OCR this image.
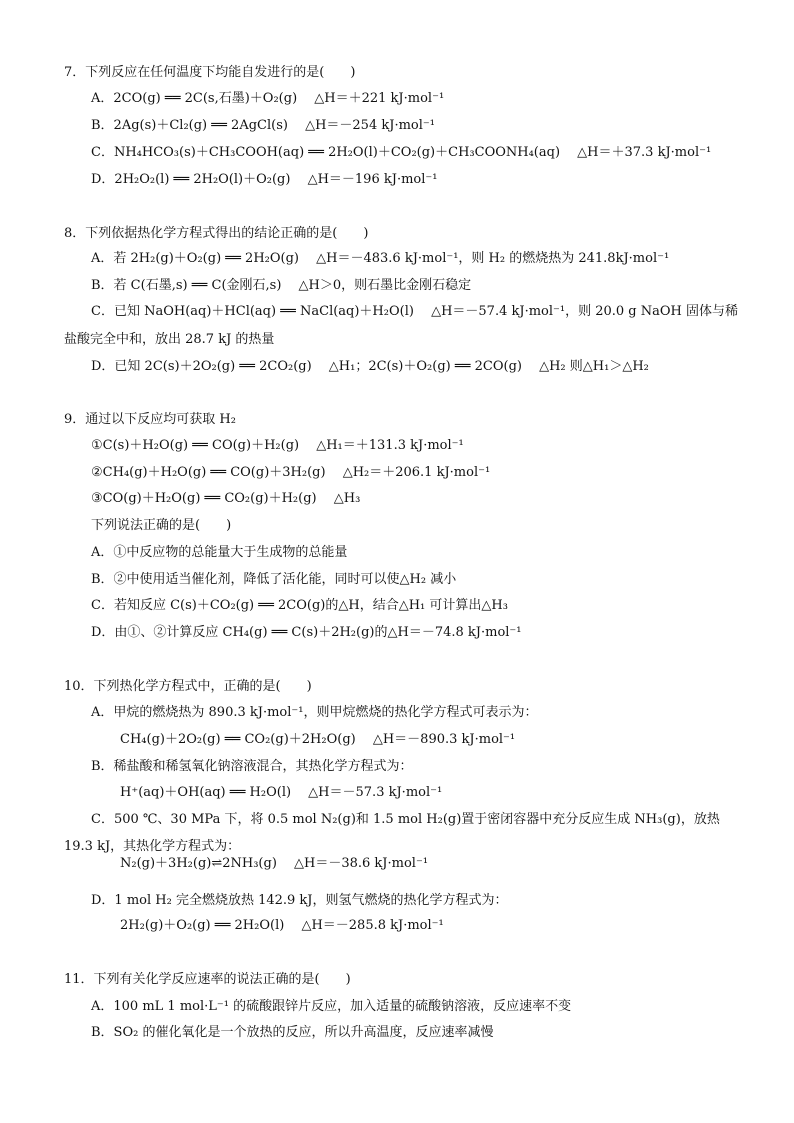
7．下列反应在任何温度下均能自发进行的是(　　)
A．2CO(g) ══ 2C(s,石墨)＋O₂(g)　 △H＝＋221 kJ·mol⁻¹
B．2Ag(s)＋Cl₂(g) ══ 2AgCl(s)　 △H＝－254 kJ·mol⁻¹
C．NH₄HCO₃(s)＋CH₃COOH(aq) ══ 2H₂O(l)＋CO₂(g)＋CH₃COONH₄(aq)　 △H＝＋37.3 kJ·mol⁻¹
D．2H₂O₂(l) ══ 2H₂O(l)＋O₂(g)　 △H＝－196 kJ·mol⁻¹
8．下列依据热化学方程式得出的结论正确的是(　　)
A．若 2H₂(g)＋O₂(g) ══ 2H₂O(g)　 △H＝－483.6 kJ·mol⁻¹，则 H₂ 的燃烧热为 241.8kJ·mol⁻¹
B．若 C(石墨,s) ══ C(金刚石,s)　 △H＞0，则石墨比金刚石稳定
C．已知 NaOH(aq)＋HCl(aq) ══ NaCl(aq)＋H₂O(l)　 △H＝－57.4 kJ·mol⁻¹，则 20.0 g NaOH 固体与稀
盐酸完全中和，放出 28.7 kJ 的热量
D．已知 2C(s)＋2O₂(g) ══ 2CO₂(g)　 △H₁；2C(s)＋O₂(g) ══ 2CO(g)　 △H₂ 则△H₁＞△H₂
9．通过以下反应均可获取 H₂
①C(s)＋H₂O(g) ══ CO(g)＋H₂(g)　 △H₁＝＋131.3 kJ·mol⁻¹
②CH₄(g)＋H₂O(g) ══ CO(g)＋3H₂(g)　 △H₂＝＋206.1 kJ·mol⁻¹
③CO(g)＋H₂O(g) ══ CO₂(g)＋H₂(g)　 △H₃
下列说法正确的是(　　)
A．①中反应物的总能量大于生成物的总能量
B．②中使用适当催化剂，降低了活化能，同时可以使△H₂ 减小
C．若知反应 C(s)＋CO₂(g) ══ 2CO(g)的△H，结合△H₁ 可计算出△H₃
D．由①、②计算反应 CH₄(g) ══ C(s)＋2H₂(g)的△H＝－74.8 kJ·mol⁻¹
10．下列热化学方程式中，正确的是(　　)
A．甲烷的燃烧热为 890.3 kJ·mol⁻¹，则甲烷燃烧的热化学方程式可表示为：
CH₄(g)＋2O₂(g) ══ CO₂(g)＋2H₂O(g)　 △H＝－890.3 kJ·mol⁻¹
B．稀盐酸和稀氢氧化钠溶液混合，其热化学方程式为：
H⁺(aq)＋OH(aq) ══ H₂O(l)　 △H＝－57.3 kJ·mol⁻¹
C．500 ℃、30 MPa 下，将 0.5 mol N₂(g)和 1.5 mol H₂(g)置于密闭容器中充分反应生成 NH₃(g)，放热
19.3 kJ，其热化学方程式为：
N₂(g)＋3H₂(g)⇌2NH₃(g)　 △H＝－38.6 kJ·mol⁻¹
D．1 mol H₂ 完全燃烧放热 142.9 kJ，则氢气燃烧的热化学方程式为：
2H₂(g)＋O₂(g) ══ 2H₂O(l)　 △H＝－285.8 kJ·mol⁻¹
11．下列有关化学反应速率的说法正确的是(　　)
A．100 mL 1 mol·L⁻¹ 的硫酸跟锌片反应，加入适量的硫酸钠溶液，反应速率不变
B．SO₂ 的催化氧化是一个放热的反应，所以升高温度，反应速率减慢
